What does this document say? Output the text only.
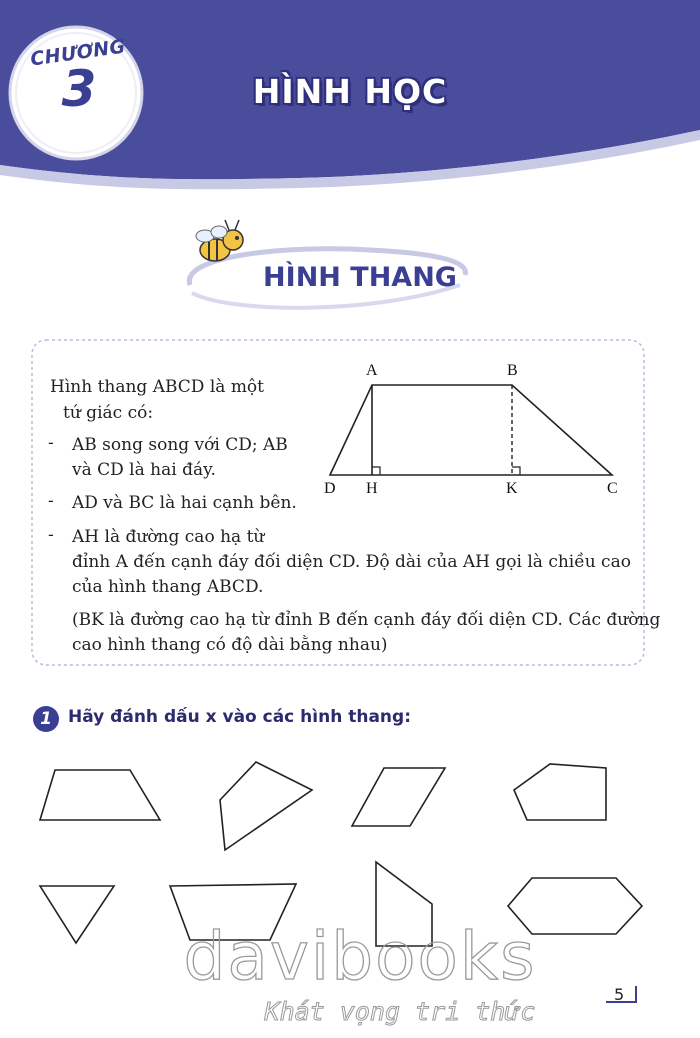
CHƯƠNG
3	HÌNH HỌC
HÌNH THANG
Hình thang ABCD là một
tứ giác có:
- AB song song với CD; AB
và CD là hai đáy.
- AD và BC là hai cạnh bên.
- AH là đường cao hạ từ
đỉnh A đến cạnh đáy đối diện CD. Độ dài của AH gọi là chiều cao
của hình thang ABCD.
(BK là đường cao hạ từ đỉnh B đến cạnh đáy đối diện CD. Các đường
cao hình thang có độ dài bằng nhau)
A	B
C
D H	K
1 Hãy đánh dấu x vào các hình thang:
davibooks
Khát vọng tri thức
5
